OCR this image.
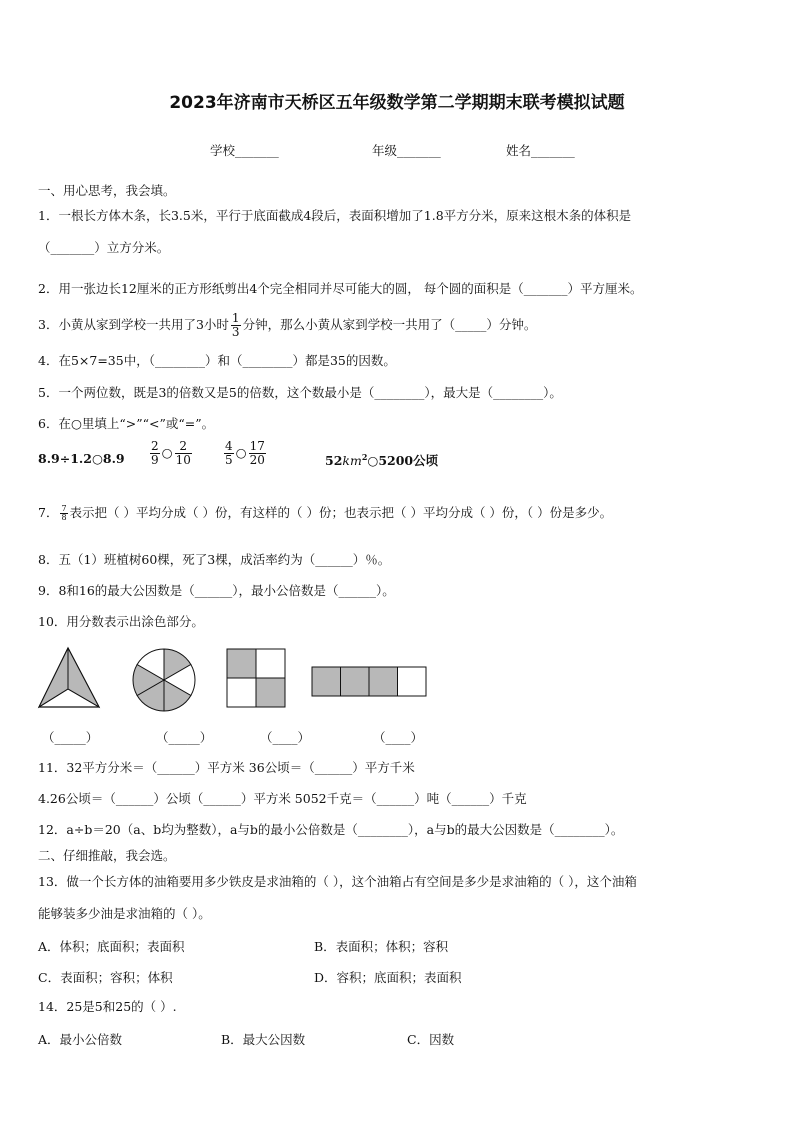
2023年济南市天桥区五年级数学第二学期期末联考模拟试题
学校_______	年级_______	姓名_______
一、用心思考，我会填。
1．一根长方体木条，长3.5米，平行于底面截成4段后，表面积增加了1.8平方分米，原来这根木条的体积是
（_______）立方分米。
2．用一张边长12厘米的正方形纸剪出4个完全相同并尽可能大的圆， 每个圆的面积是（_______）平方厘米。
3．小黄从家到学校一共用了3小时 $\frac{1}{3}$ 分钟，那么小黄从家到学校一共用了（_____）分钟。
4．在5×7=35中，（________）和（________）都是35的因数。
5．一个两位数，既是3的倍数又是5的倍数，这个数最小是（________），最大是（________）。
6．在○里填上“>”“<”或“=”。
8.9÷1.2○8.9 $\frac{2}{9}$ ○ $\frac{2}{10}$	$\frac{4}{5}$ ○ $\frac{17}{20}$	$52km^2○5200$公顷
7． $\frac{7}{8}$ 表示把（ ）平均分成（ ）份，有这样的（ ）份；也表示把（ ）平均分成（ ）份，（ ）份是多少。
8．五（1）班植树60棵，死了3棵，成活率约为（______）％。
9．8和16的最大公因数是（______），最小公倍数是（______）。
10．用分数表示出涂色部分。
（_____）	（_____）	（____）	（____）
11．32平方分米＝（______）平方米 36公顷＝（______）平方千米
4.26公顷＝（______）公顷（______）平方米 5052千克＝（______）吨（______）千克
12．a÷b＝20（a、b均为整数），a与b的最小公倍数是（________），a与b的最大公因数是（________）。
二、仔细推敲，我会选。
13．做一个长方体的油箱要用多少铁皮是求油箱的（ ），这个油箱占有空间是多少是求油箱的（ ），这个油箱
能够装多少油是求油箱的（ ）。
A．体积；底面积；表面积	B．表面积；体积；容积
C．表面积；容积；体积	D．容积；底面积；表面积
14．25是5和25的（ ）.
A．最小公倍数	B．最大公因数	C．因数
